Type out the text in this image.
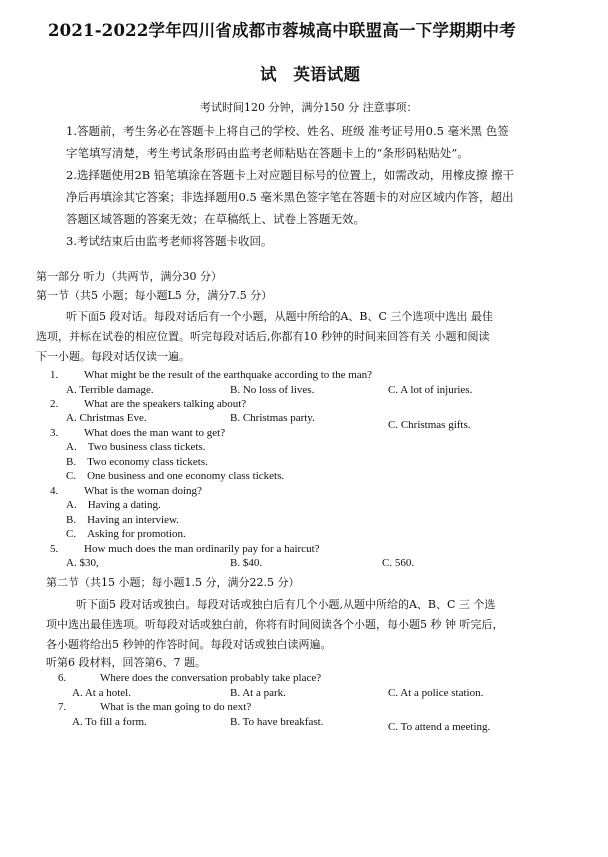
2021-2022学年四川省成都市蓉城高中联盟高一下学期期中考
试　英语试题
考试时间120 分钟，满分150 分 注意事项：
1.答题前，考生务必在答题卡上将自己的学校、姓名、班级 准考证号用0.5 毫米黑 色签
字笔填写清楚，考生考试条形码由监考老师粘贴在答题卡上的“条形码粘贴处”。
2.选择题使用2B 铅笔填涂在答题卡上对应题目标号的位置上，如需改动，用橡皮擦 擦干
净后再填涂其它答案；非选择题用0.5 毫米黑色签字笔在答题卡的对应区域内作答，超出
答题区域答题的答案无效；在草稿纸上、试卷上答题无效。
3.考试结束后由监考老师将答题卡收回。
第一部分 听力（共两节，满分30 分）
第一节（共5 小题；每小题L5 分，满分7.5 分）
听下面5 段对话。每段对话后有一个小题，从题中所给的A、B、C 三个选项中选出 最佳
选项，并标在试卷的相应位置。听完每段对话后,你都有10 秒钟的时间来回答有关 小题和阅读
下一小题。每段对话仅读一遍。
1. What might be the result of the earthquake according to the man?
A. Terrible damage.	B. No loss of lives.	C. A lot of injuries.
2. What are the speakers talking about?
A. Christmas Eve.	B. Christmas party.
C. Christmas gifts.
3. What does the man want to get?
A.　Two business class tickets.
B.　Two economy class tickets.
C.　One business and one economy class tickets.
4. What is the woman doing?
A.　Having a dating.
B.　Having an interview.
C.　Asking for promotion.
5. How much does the man ordinarily pay for a haircut?
A. $30,	B. $40.	C. 560.
第二节（共15 小题；每小题1.5 分，满分22.5 分）
听下面5 段对话或独白。每段对话或独白后有几个小题,从题中所给的A、B、C 三 个选
项中选出最佳选项。听每段对话或独白前，你将有时间阅读各个小题，每小题5 秒 钟 听完后，
各小题将给出5 秒钟的作答时间。每段对话或独白读两遍。
听第6 段材料，回答第6、7 题。
6.	Where does the conversation probably take place?
A. At a hotel.	B. At a park.	C. At a police station.
7.	What is the man going to do next?
A. To fill a form.	B. To have breakfast.	C. To attend a meeting.
